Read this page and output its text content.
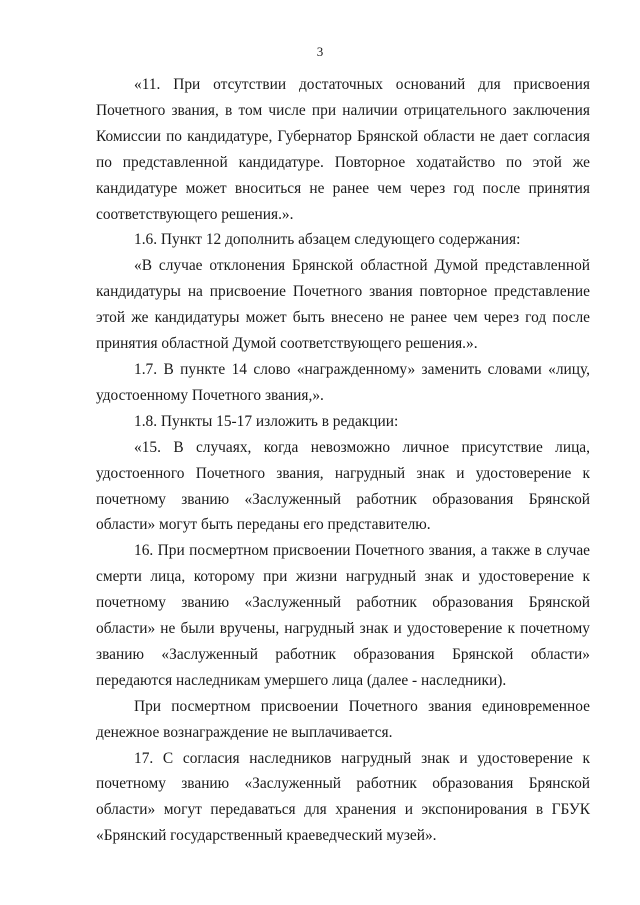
3

«11. При отсутствии достаточных оснований для присвоения Почетного звания, в том числе при наличии отрицательного заключения Комиссии по кандидатуре, Губернатор Брянской области не дает согласия по представленной кандидатуре. Повторное ходатайство по этой же кандидатуре может вноситься не ранее чем через год после принятия соответствующего решения.».

1.6. Пункт 12 дополнить абзацем следующего содержания:

«В случае отклонения Брянской областной Думой представленной кандидатуры на присвоение Почетного звания повторное представление этой же кандидатуры может быть внесено не ранее чем через год после принятия областной Думой соответствующего решения.».

1.7. В пункте 14 слово «награжденному» заменить словами «лицу, удостоенному Почетного звания,».

1.8. Пункты 15-17 изложить в редакции:

«15. В случаях, когда невозможно личное присутствие лица, удостоенного Почетного звания, нагрудный знак и удостоверение к почетному званию «Заслуженный работник образования Брянской области» могут быть переданы его представителю.

16. При посмертном присвоении Почетного звания, а также в случае смерти лица, которому при жизни нагрудный знак и удостоверение к почетному званию «Заслуженный работник образования Брянской области» не были вручены, нагрудный знак и удостоверение к почетному званию «Заслуженный работник образования Брянской области» передаются наследникам умершего лица (далее - наследники).

При посмертном присвоении Почетного звания единовременное денежное вознаграждение не выплачивается.

17. С согласия наследников нагрудный знак и удостоверение к почетному званию «Заслуженный работник образования Брянской области» могут передаваться для хранения и экспонирования в ГБУК «Брянский государственный краеведческий музей».
